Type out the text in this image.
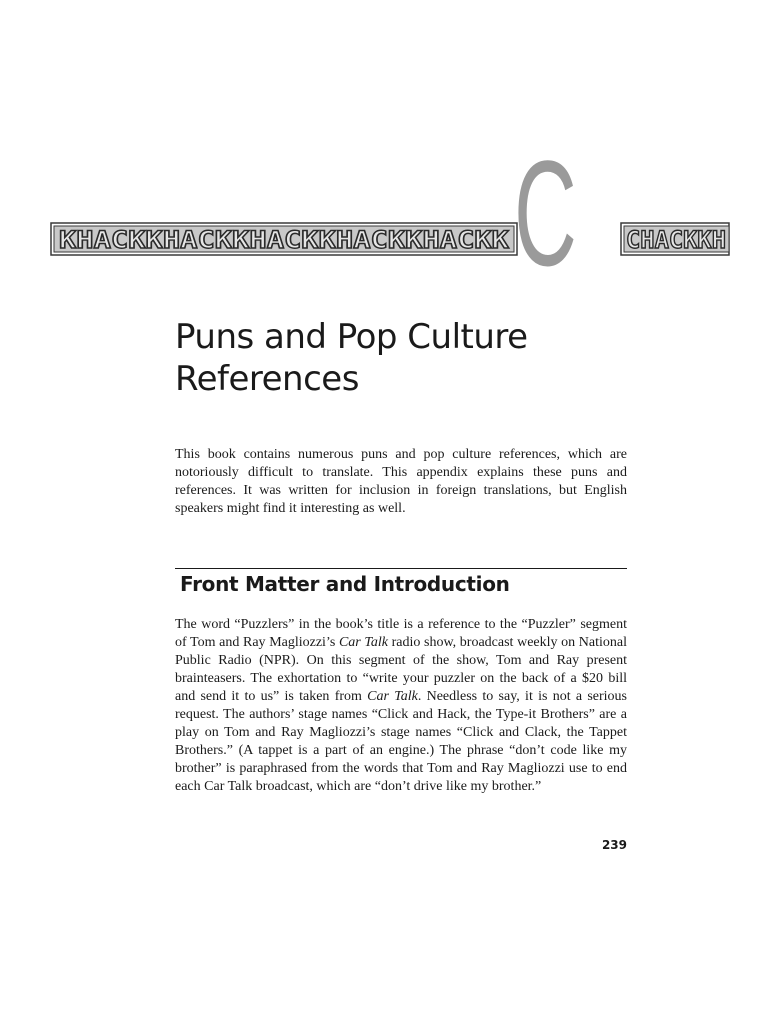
KHACKKHACKKHACKKHACKKHACKK C CHACKKH
Puns and Pop Culture
References

This book contains numerous puns and pop culture references, which are notoriously difficult to translate. This appendix explains these puns and references. It was written for inclusion in foreign translations, but English speakers might find it interesting as well.

Front Matter and Introduction

The word “Puzzlers” in the book’s title is a reference to the “Puzzler” segment of Tom and Ray Magliozzi’s Car Talk radio show, broadcast weekly on National Public Radio (NPR). On this segment of the show, Tom and Ray present brainteasers. The exhortation to “write your puzzler on the back of a $20 bill and send it to us” is taken from Car Talk. Needless to say, it is not a serious request. The authors’ stage names “Click and Hack, the Type-it Brothers” are a play on Tom and Ray Magliozzi’s stage names “Click and Clack, the Tappet Brothers.” (A tappet is a part of an engine.) The phrase “don’t code like my brother” is paraphrased from the words that Tom and Ray Magliozzi use to end each Car Talk broadcast, which are “don’t drive like my brother.”

239
